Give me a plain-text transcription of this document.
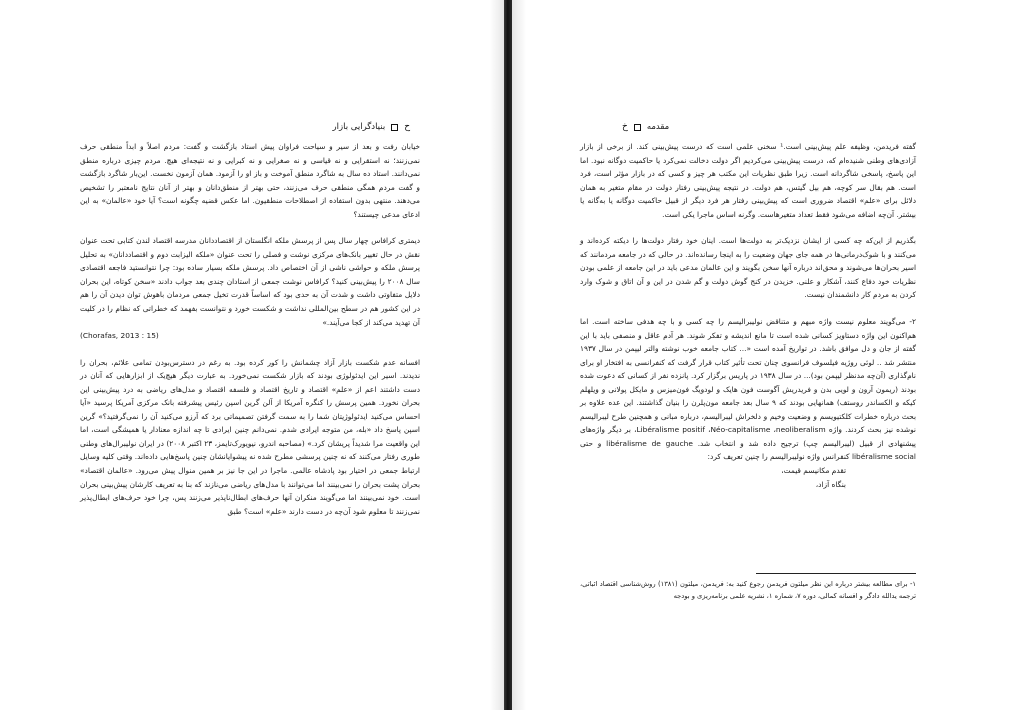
ح
بنیادگرایی بازار

خیابان رفت و بعد از سیر و سیاحت فراوان پیش استاد بازگشت و گفت: مردم اصلاً و ابداً منطقی حرف نمی‌زنند؛ نه استقرایی و نه قیاسی و نه صغرایی و نه کبرایی و نه نتیجه‌ای هیچ. مردم چیزی درباره منطق نمی‌دانند. استاد ده سال به شاگرد منطق آموخت و باز او را آزمود. همان آزمون نخست. این‌بار شاگرد بازگشت و گفت مردم همگی منطقی حرف می‌زنند، حتی بهتر از منطق‌دانان و بهتر از آنان نتایج نامعتبر را تشخیص می‌دهند. منتهی بدون استفاده از اصطلاحات منطقیون. اما عکس قضیه چگونه است؟ آیا خود «عالمان» به این ادعای مدعی چیستند؟

دیمتری کرافاس چهار سال پس از پرسش ملکه انگلستان از اقتصاددانان مدرسه اقتصاد لندن کتابی تحت عنوان نقش در حال تغییر بانک‌های مرکزی نوشت و فصلی را تحت عنوان «ملکه الیزابت دوم و اقتصاددانان» به تحلیل پرسش ملکه و حواشی ناشی از آن اختصاص داد. پرسش ملکه بسیار ساده بود: چرا نتوانستید فاجعه اقتصادی سال ۲۰۰۸ را پیش‌بینی کنید؟ کرافاس نوشت جمعی از استادان چندی بعد جواب دادند «سخن کوتاه، این بحران دلایل متفاوتی داشت و شدت آن به حدی بود که اساساً قدرت تخیل جمعی مردمان باهوش توان دیدن آن را هم در این کشور هم در سطح بین‌المللی نداشت و شکست خورد و نتوانست بفهمد که خطراتی که نظام را در کلیت آن تهدید می‌کند از کجا می‌آیند.»

(Chorafas, 2013 : 15)

افسانه عدم شکست بازار آزاد چشمانش را کور کرده بود. به رغم در دسترس‌بودن تمامی علائم، بحران را ندیدند. اسیر این ایدئولوژی بودند که بازار شکست نمی‌خورد. به عبارت دیگر هیچ‌یک از ابزارهایی که آنان در دست داشتند اعم از «علم» اقتصاد و تاریخ اقتصاد و فلسفه اقتصاد و مدل‌های ریاضی به درد پیش‌بینی این بحران نخورد. همین پرسش را کنگره آمریکا از آلن گرین اسپن رئیس پیشرفته بانک مرکزی آمریکا پرسید «آیا احساس می‌کنید ایدئولوژیتان شما را به سمت گرفتن تصمیماتی برد که آرزو می‌کنید آن را نمی‌گرفتید؟» گرین اسپن پاسخ داد «بله، من متوجه ایرادی شدم. نمی‌دانم چنین ایرادی تا چه اندازه معنادار یا همیشگی است، اما این واقعیت مرا شدیداً پریشان کرد.» (مصاحبه اندرو، نیویورک‌تایمز، ۲۳ اکتبر ۲۰۰۸) در ایران نولیبرال‌های وطنی طوری رفتار می‌کنند که نه چنین پرسشی مطرح شده نه پیشوایانشان چنین پاسخ‌هایی داده‌اند. وقتی کلیه وسایل ارتباط جمعی در اختیار بود پادشاه عالمی. ماجرا در این جا نیز بر همین منوال پیش می‌رود. «عالمان اقتصاد» بحران پشت بحران را نمی‌بینند اما می‌توانند با مدل‌های ریاضی می‌نازند که بنا به تعریف کارشان پیش‌بینی بحران است. خود نمی‌بینند اما می‌گویند منکران آنها حرف‌های ابطال‌ناپذیر می‌زنند پس، چرا خود حرف‌های ابطال‌پذیر نمی‌زنند تا معلوم شود آن‌چه در دست دارند «علم» است؟ طبق

مقدمه
خ

گفته فریدمن، وظیفه علم پیش‌بینی است.¹ سخنی علمی است که درست پیش‌بینی کند. از برخی از بازار آزادی‌های وطنی شنیده‌ام که، درست پیش‌بینی می‌کردیم اگر دولت دخالت نمی‌کرد یا حاکمیت دوگانه نبود. اما این پاسخ، پاسخی شاگردانه است. زیرا طبق نظریات این مکتب هر چیز و کسی که در بازار مؤثر است، فرد است. هم بقال سر کوچه، هم بیل گیتس، هم دولت. در نتیجه پیش‌بینی رفتار دولت در مقام متغیر به همان دلائل برای «علم» اقتصاد ضروری است که پیش‌بینی رفتار هر فرد دیگر از قبیل حاکمیت دوگانه یا به‌گانه یا بیشتر. آن‌چه اضافه می‌شود فقط تعداد متغیرهاست. وگرنه اساس ماجرا یکی است.

بگذریم از این‌که چه کسی از ایشان نزدیک‌تر به دولت‌ها است. اینان خود رفتار دولت‌ها را دیکته کرده‌اند و می‌کنند و با شوک‌درمانی‌ها در همه جای جهان وضعیت را به اینجا رسانده‌اند. در حالی که در جامعه مردمانند که اسیر بحران‌ها می‌شوند و محق‌اند درباره آنها سخن بگویند و این عالمان مدعی باید در این جامعه از علمی بودن نظریات خود دفاع کنند، آشکار و علنی. خزیدن در کنج گوش دولت و گم شدن در این و آن اتاق و شوک وارد کردن به مردم کار دانشمندان نیست.

۲- می‌گویند معلوم نیست واژه مبهم و متناقض نولیبرالیسم را چه کسی و با چه هدفی ساخته است. اما هم‌اکنون این واژه دستاویز کسانی شده است تا مانع اندیشه و تفکر شوند. هر آدم عاقل و منصفی باید با این گفته از جان و دل موافق باشد. در تواریخ آمده است «... کتاب جامعه خوب نوشته والتر لیپمن در سال ۱۹۳۷ منتشر شد .. لوئی روژیه فیلسوف فرانسوی چنان تحت تأثیر کتاب قرار گرفت که کنفرانسی به افتخار او برای نام‌گذاری (آن‌چه مدنظر لیپمن بود)... در سال ۱۹۳۸ در پاریس برگزار کرد. پانزده نفر از کسانی که دعوت شده بودند (ریمون آرون و لویی بدن و فریدریش آگوست فون هایک و لودویگ فون‌میزس و مایکل پولانی و ویلهلم کیکه و الکساندر روستف) همانهایی بودند که ۹ سال بعد جامعه مون‌پلرن را بنیان گذاشتند. این عده علاوه بر بحث درباره خطرات کلکتیویسم و وضعیت وخیم و دلخراش لیبرالیسم، درباره مبانی و همچنین طرح لیبرالیسم نوشده نیز بحث کردند. واژه Libéralisme positif ،Néo-capitalisme ،neoliberalism، بر دیگر واژه‌های پیشنهادی از قبیل (لیبرالیسم چپ) ترجیح داده شد و انتخاب شد. libéralisme de gauche و حتی libéralisme social کنفرانس واژه نولیبرالیسم را چنین تعریف کرد:

تقدم مکانیسم قیمت،
بنگاه آزاد،

۱- برای مطالعه بیشتر درباره این نظر میلتون فریدمن رجوع کنید به: فریدمن، میلتون (۱۳۸۱) روش‌شناسی اقتصاد اثباتی، ترجمه یدالله دادگر و افسانه کمالی، دوره ۷، شماره ۱، نشریه علمی برنامه‌ریزی و بودجه
